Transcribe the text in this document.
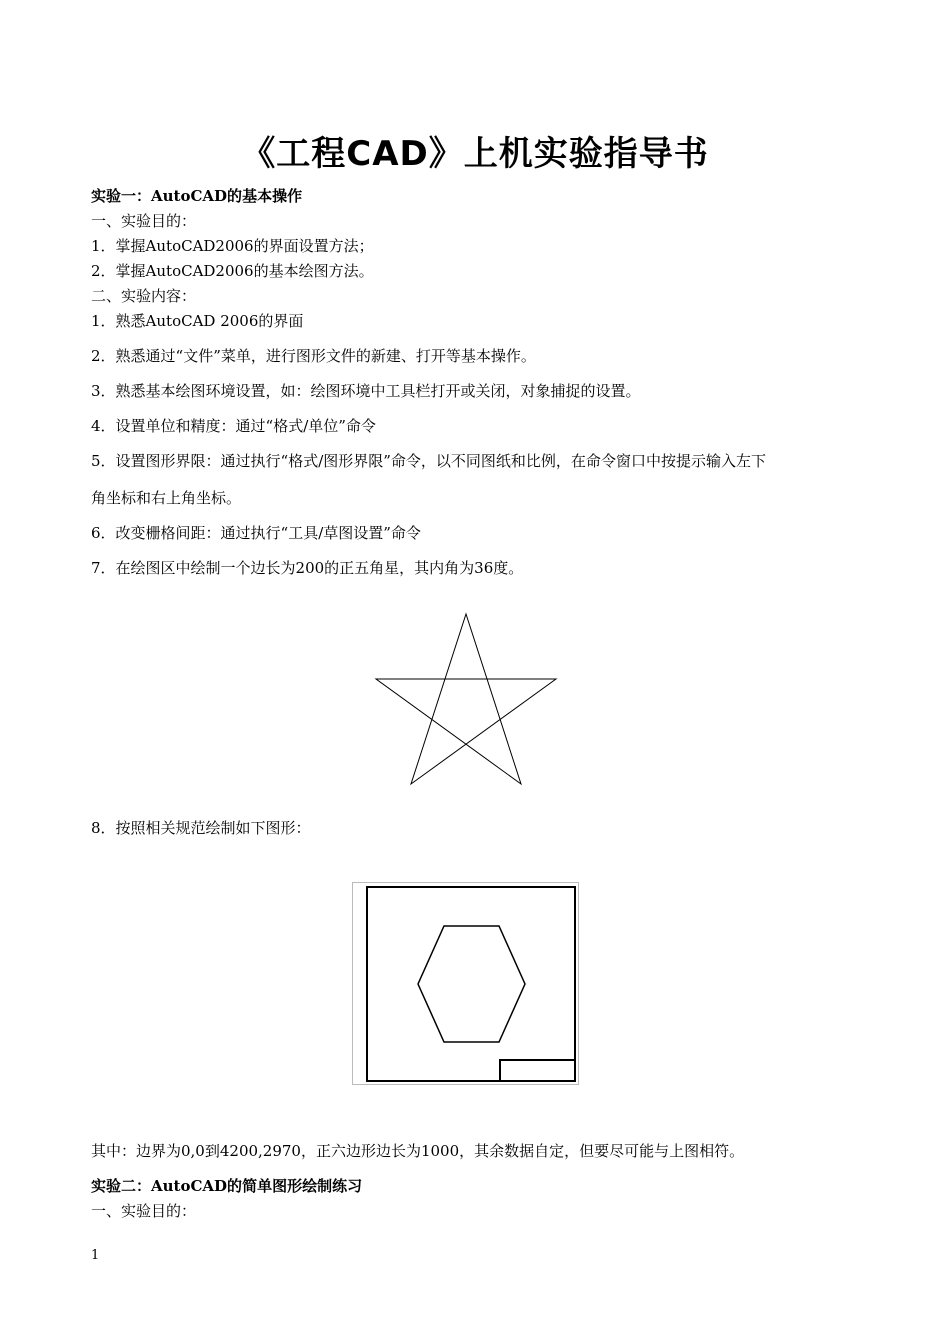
《工程CAD》上机实验指导书
实验一：AutoCAD的基本操作
一、实验目的：
1．掌握AutoCAD2006的界面设置方法；
2．掌握AutoCAD2006的基本绘图方法。
二、实验内容：
1．熟悉AutoCAD 2006的界面
2．熟悉通过“文件”菜单，进行图形文件的新建、打开等基本操作。
3．熟悉基本绘图环境设置，如：绘图环境中工具栏打开或关闭，对象捕捉的设置。
4．设置单位和精度：通过“格式/单位”命令
5．设置图形界限：通过执行“格式/图形界限”命令，以不同图纸和比例，在命令窗口中按提示输入左下
角坐标和右上角坐标。
6．改变栅格间距：通过执行“工具/草图设置”命令
7．在绘图区中绘制一个边长为200的正五角星，其内角为36度。
8．按照相关规范绘制如下图形：
其中：边界为0,0到4200,2970，正六边形边长为1000，其余数据自定，但要尽可能与上图相符。
实验二：AutoCAD的简单图形绘制练习
一、实验目的：
1
